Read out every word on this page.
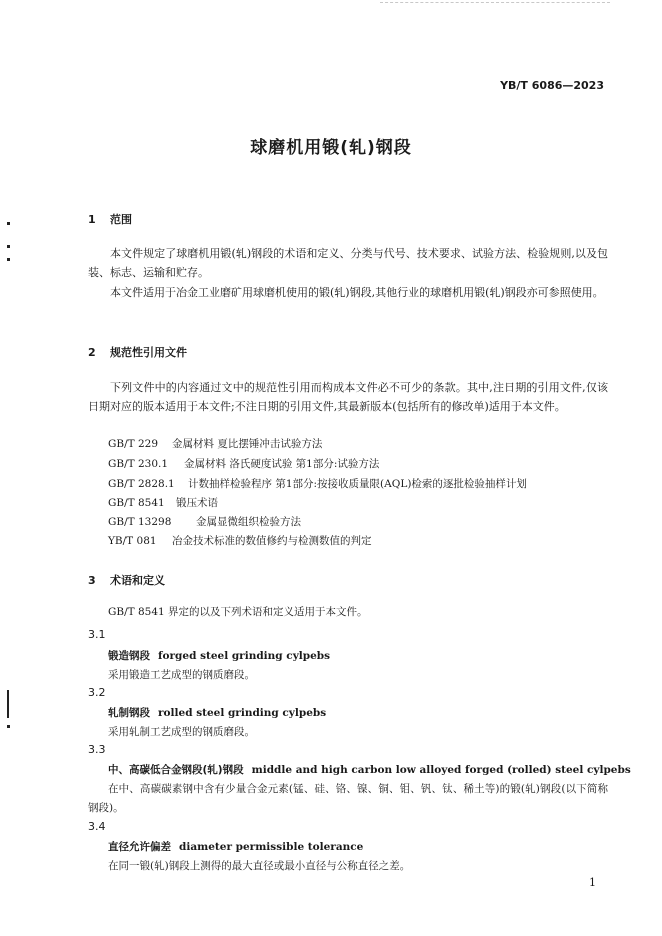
YB/T 6086—2023
球磨机用锻(轧)钢段
1 范围
本文件规定了球磨机用锻(轧)钢段的术语和定义、分类与代号、技术要求、试验方法、检验规则,以及包装、标志、运输和贮存。
本文件适用于冶金工业磨矿用球磨机使用的锻(轧)钢段,其他行业的球磨机用锻(轧)钢段亦可参照使用。
2 规范性引用文件
下列文件中的内容通过文中的规范性引用而构成本文件必不可少的条款。其中,注日期的引用文件,仅该日期对应的版本适用于本文件;不注日期的引用文件,其最新版本(包括所有的修改单)适用于本文件。
GB/T 229 金属材料 夏比摆锤冲击试验方法
GB/T 230.1 金属材料 洛氏硬度试验 第1部分:试验方法
GB/T 2828.1 计数抽样检验程序 第1部分:按接收质量限(AQL)检索的逐批检验抽样计划
GB/T 8541 锻压术语
GB/T 13298 金属显微组织检验方法
YB/T 081 冶金技术标准的数值修约与检测数值的判定
3 术语和定义
GB/T 8541 界定的以及下列术语和定义适用于本文件。
3.1
锻造钢段 forged steel grinding cylpebs
采用锻造工艺成型的钢质磨段。
3.2
轧制钢段 rolled steel grinding cylpebs
采用轧制工艺成型的钢质磨段。
3.3
中、高碳低合金钢段(轧)钢段 middle and high carbon low alloyed forged (rolled) steel cylpebs
在中、高碳碳素钢中含有少量合金元素(锰、硅、铬、镍、铜、钼、钒、钛、稀土等)的锻(轧)钢段(以下简称钢段)。
3.4
直径允许偏差 diameter permissible tolerance
在同一锻(轧)钢段上测得的最大直径或最小直径与公称直径之差。
1
